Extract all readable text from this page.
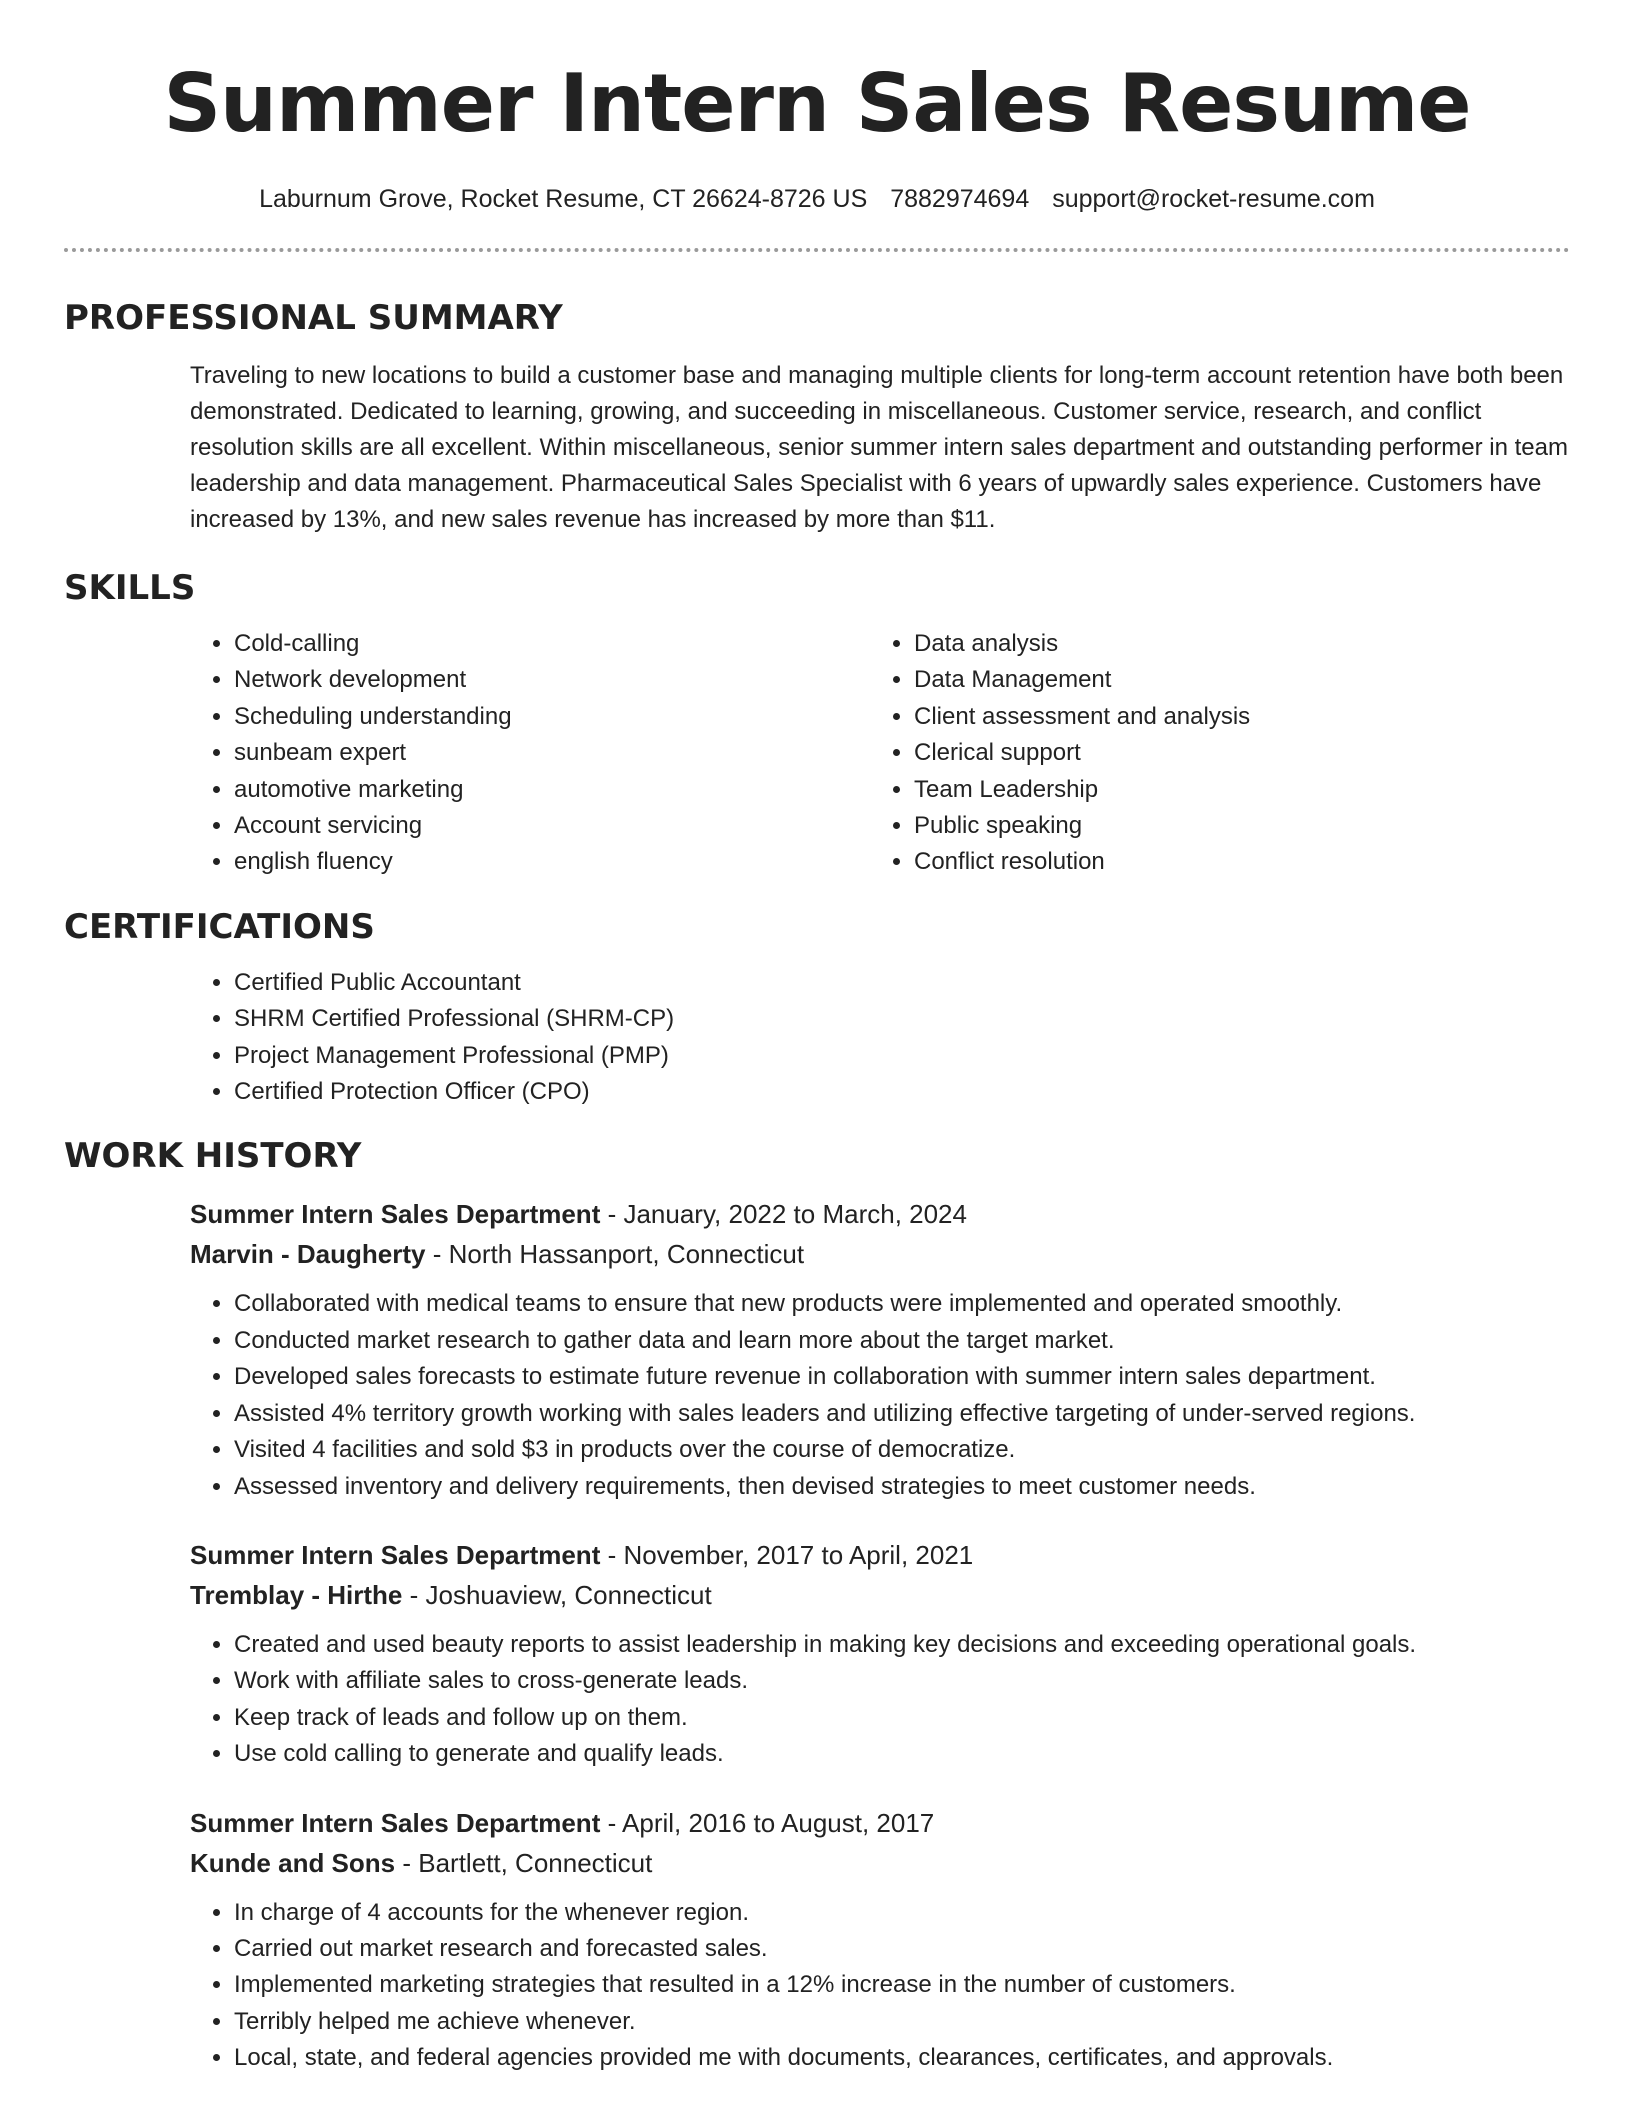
Summer Intern Sales Resume
Laburnum Grove, Rocket Resume, CT 26624-8726 US 7882974694 support@rocket-resume.com
PROFESSIONAL SUMMARY

Traveling to new locations to build a customer base and managing multiple clients for long-term account retention have both been demonstrated. Dedicated to learning, growing, and succeeding in miscellaneous. Customer service, research, and conflict resolution skills are all excellent. Within miscellaneous, senior summer intern sales department and outstanding performer in team leadership and data management. Pharmaceutical Sales Specialist with 6 years of upwardly sales experience. Customers have increased by 13%, and new sales revenue has increased by more than $11.

SKILLS
• Cold-calling
• Network development
• Scheduling understanding
• sunbeam expert
• automotive marketing
• Account servicing
• english fluency
• Data analysis
• Data Management
• Client assessment and analysis
• Clerical support
• Team Leadership
• Public speaking
• Conflict resolution
CERTIFICATIONS
• Certified Public Accountant
• SHRM Certified Professional (SHRM-CP)
• Project Management Professional (PMP)
• Certified Protection Officer (CPO)
WORK HISTORY

Summer Intern Sales Department - January, 2022 to March, 2024

Marvin - Daugherty - North Hassanport, Connecticut

• Collaborated with medical teams to ensure that new products were implemented and operated smoothly.
• Conducted market research to gather data and learn more about the target market.
• Developed sales forecasts to estimate future revenue in collaboration with summer intern sales department.
• Assisted 4% territory growth working with sales leaders and utilizing effective targeting of under-served regions.
• Visited 4 facilities and sold $3 in products over the course of democratize.
• Assessed inventory and delivery requirements, then devised strategies to meet customer needs.

Summer Intern Sales Department - November, 2017 to April, 2021

Tremblay - Hirthe - Joshuaview, Connecticut

• Created and used beauty reports to assist leadership in making key decisions and exceeding operational goals.
• Work with affiliate sales to cross-generate leads.
• Keep track of leads and follow up on them.
• Use cold calling to generate and qualify leads.

Summer Intern Sales Department - April, 2016 to August, 2017

Kunde and Sons - Bartlett, Connecticut

• In charge of 4 accounts for the whenever region.
• Carried out market research and forecasted sales.
• Implemented marketing strategies that resulted in a 12% increase in the number of customers.
• Terribly helped me achieve whenever.
• Local, state, and federal agencies provided me with documents, clearances, certificates, and approvals.
